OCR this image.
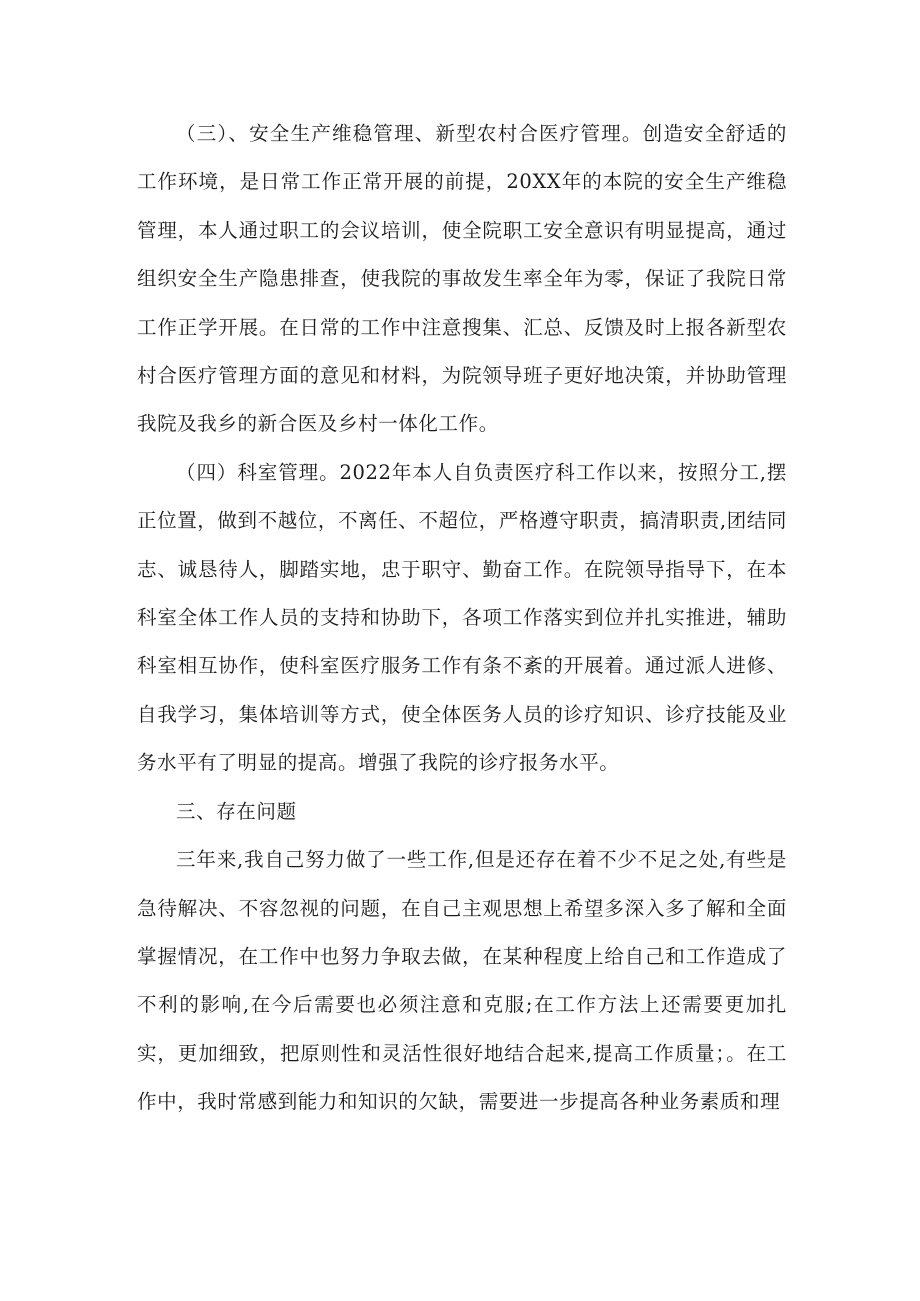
（三）、安全生产维稳管理、新型农村合医疗管理。创造安全舒适的工作环境，是日常工作正常开展的前提，20XX年的本院的安全生产维稳管理，本人通过职工的会议培训，使全院职工安全意识有明显提高，通过组织安全生产隐患排查，使我院的事故发生率全年为零，保证了我院日常工作正学开展。在日常的工作中注意搜集、汇总、反馈及时上报各新型农村合医疗管理方面的意见和材料，为院领导班子更好地决策，并协助管理我院及我乡的新合医及乡村一体化工作。

（四）科室管理。2022年本人自负责医疗科工作以来，按照分工,摆正位置，做到不越位，不离任、不超位，严格遵守职责，搞清职责,团结同志、诚恳待人，脚踏实地，忠于职守、勤奋工作。在院领导指导下，在本科室全体工作人员的支持和协助下，各项工作落实到位并扎实推进，辅助科室相互协作，使科室医疗服务工作有条不紊的开展着。通过派人进修、自我学习，集体培训等方式，使全体医务人员的诊疗知识、诊疗技能及业务水平有了明显的提高。增强了我院的诊疗报务水平。

三、存在问题

三年来,我自己努力做了一些工作,但是还存在着不少不足之处,有些是急待解决、不容忽视的问题，在自己主观思想上希望多深入多了解和全面掌握情况，在工作中也努力争取去做，在某种程度上给自己和工作造成了不利的影响,在今后需要也必须注意和克服;在工作方法上还需要更加扎实，更加细致，把原则性和灵活性很好地结合起来,提高工作质量；。在工作中，我时常感到能力和知识的欠缺，需要进一步提高各种业务素质和理
